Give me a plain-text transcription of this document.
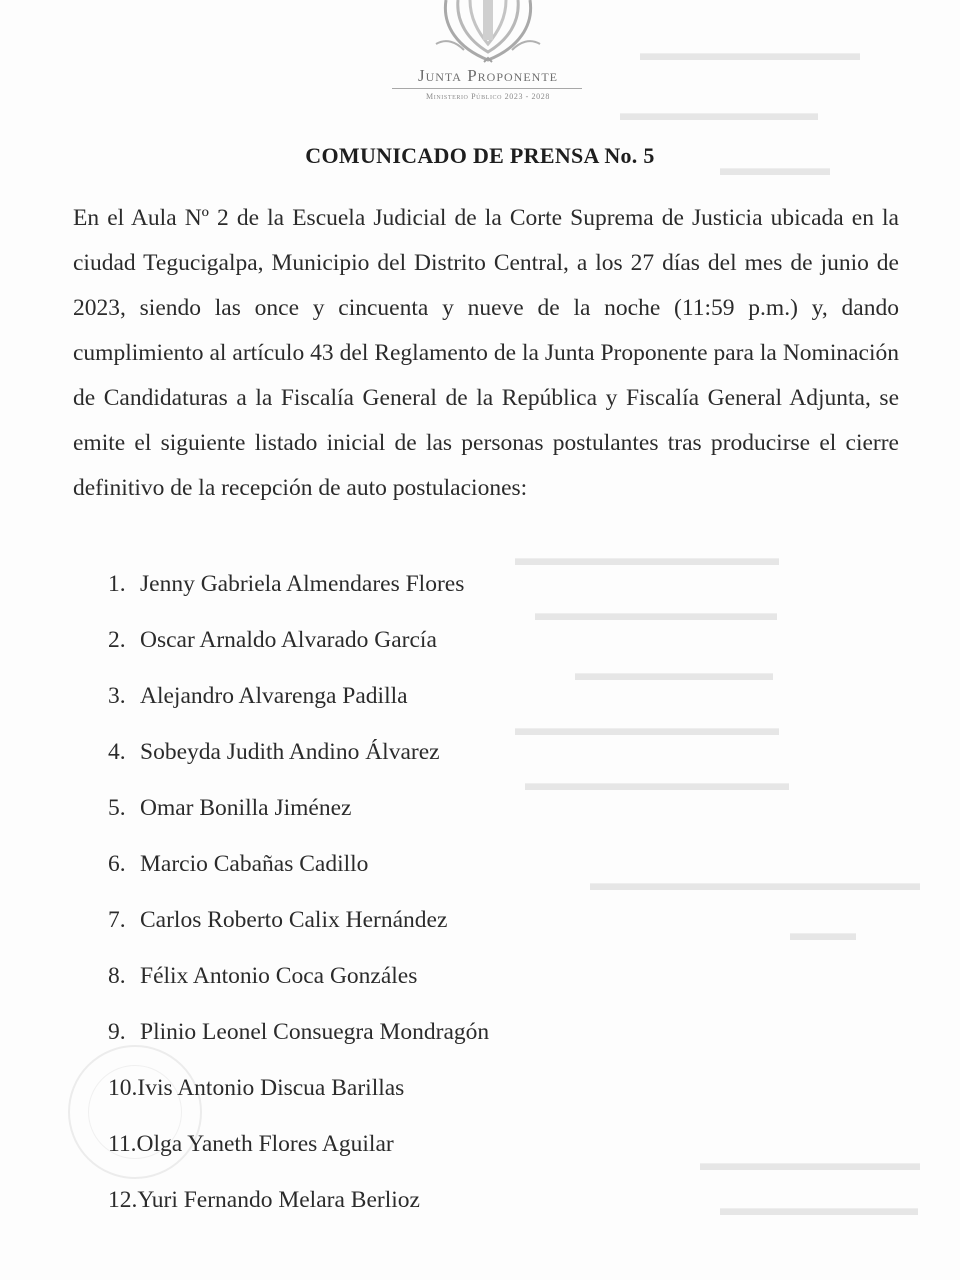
▬▬▬▬▬▬▬▬▬▬
▬▬▬▬▬▬▬▬▬
▬▬▬▬▬
▬▬▬▬▬▬▬▬▬▬▬▬
▬▬▬▬▬▬▬▬▬▬▬
▬▬▬▬▬▬▬▬▬
▬▬▬▬▬▬▬▬▬▬▬▬
▬▬▬▬▬▬▬▬▬▬▬▬
▬▬▬▬▬▬▬▬▬▬▬▬▬▬▬
▬▬▬
▬▬▬▬▬▬▬▬▬▬
▬▬▬▬▬▬▬▬▬
Junta Proponente
Ministerio Público 2023 - 2028
COMUNICADO DE PRENSA No. 5
En el Aula Nº 2 de la Escuela Judicial de la Corte Suprema de Justicia ubicada en la ciudad Tegucigalpa, Municipio del Distrito Central, a los 27 días del mes de junio de 2023, siendo las once y cincuenta y nueve de la noche (11:59 p.m.) y, dando cumplimiento al artículo 43 del Reglamento de la Junta Proponente para la Nominación de Candidaturas a la Fiscalía General de la República y Fiscalía General Adjunta, se emite el siguiente listado inicial de las personas postulantes tras producirse el cierre definitivo de la recepción de auto postulaciones:
1. Jenny Gabriela Almendares Flores
2. Oscar Arnaldo Alvarado García
3. Alejandro Alvarenga Padilla
4. Sobeyda Judith Andino Álvarez
5. Omar Bonilla Jiménez
6. Marcio Cabañas Cadillo
7. Carlos Roberto Calix Hernández
8. Félix Antonio Coca Gonzáles
9. Plinio Leonel Consuegra Mondragón
10.Ivis Antonio Discua Barillas
11.Olga Yaneth Flores Aguilar
12.Yuri Fernando Melara Berlioz
